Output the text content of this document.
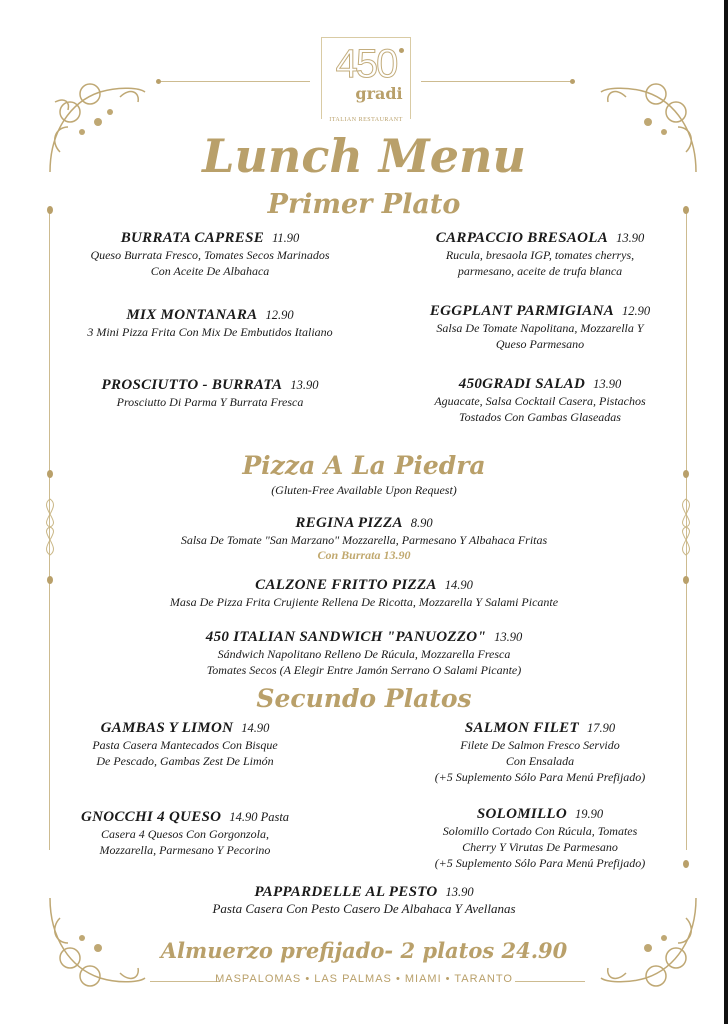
450
gradi
ITALIAN RESTAURANT
Lunch Menu
Primer Plato
BURRATA CAPRESE 11.90
Queso Burrata Fresco, Tomates Secos Marinados
Con Aceite De Albahaca
CARPACCIO BRESAOLA 13.90
Rucula, bresaola IGP, tomates cherrys,
parmesano, aceite de trufa blanca
MIX MONTANARA 12.90
3 Mini Pizza Frita Con Mix De Embutidos Italiano
EGGPLANT PARMIGIANA 12.90
Salsa De Tomate Napolitana, Mozzarella Y
Queso Parmesano
PROSCIUTTO - BURRATA 13.90
Prosciutto Di Parma Y Burrata Fresca
450GRADI SALAD 13.90
Aguacate, Salsa Cocktail Casera, Pistachos
Tostados Con Gambas Glaseadas
Pizza A La Piedra
(Gluten-Free Available Upon Request)
REGINA PIZZA 8.90
Salsa De Tomate "San Marzano" Mozzarella, Parmesano Y Albahaca Fritas
Con Burrata 13.90
CALZONE FRITTO PIZZA 14.90
Masa De Pizza Frita Crujiente Rellena De Ricotta, Mozzarella Y Salami Picante
450 ITALIAN SANDWICH "PANUOZZO" 13.90
Sándwich Napolitano Relleno De Rúcula, Mozzarella Fresca
Tomates Secos (A Elegir Entre Jamón Serrano O Salami Picante)
Secundo Platos
GAMBAS Y LIMON 14.90
Pasta Casera Mantecados Con Bisque
De Pescado, Gambas Zest De Limón
SALMON FILET 17.90
Filete De Salmon Fresco Servido
Con Ensalada
(+5 Suplemento Sólo Para Menú Prefijado)
GNOCCHI 4 QUESO 14.90 Pasta
Casera 4 Quesos Con Gorgonzola,
Mozzarella, Parmesano Y Pecorino
SOLOMILLO 19.90
Solomillo Cortado Con Rúcula, Tomates
Cherry Y Virutas De Parmesano
(+5 Suplemento Sólo Para Menú Prefijado)
PAPPARDELLE AL PESTO 13.90
Pasta Casera Con Pesto Casero De Albahaca Y Avellanas
Almuerzo prefijado- 2 platos 24.90
MASPALOMAS • LAS PALMAS • MIAMI • TARANTO
